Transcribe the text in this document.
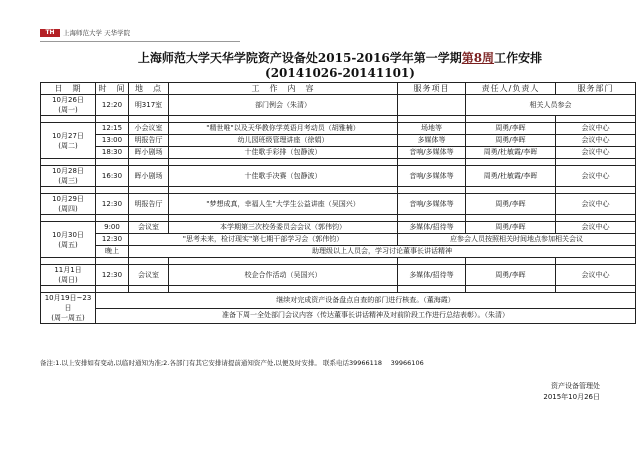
TH	上海师范大学 天华学院
上海师范大学天华学院资产设备处2015-2016学年第一学期第8周工作安排
(20141026-20141101)
日　期	时　间	地　点	工　作　内　容	服务项目	责任人/负责人	服务部门

10月26日
(周一)	12:20	明317室	部门例会（朱清）		相关人员参会	

10月27日
(周二)	12:15	小会议室	"精世唯"以及天华教你学英语月考动员（胡雅楠）	场地等	周勇/李晖	会议中心
	13:00	明报告厅	幼儿园班级管理讲座（徐娟）	多媒体等	周勇/李晖	会议中心
	18:30	晖小剧场	十佳歌手彩排（包静波）	音响/多媒体等	周勇/杜敏霞/李晖	会议中心

10月28日
(周三)	16:30	晖小剧场	十佳歌手决赛（包静波）	音响/多媒体等	周勇/杜敏霞/李晖	会议中心

10月29日
(周四)	12:30	明报告厅	"梦想成真，幸福人生"大学生公益讲座（吴国兴）	音响/多媒体等	周勇/李晖	会议中心

10月30日
(周五)	9:00	会议室	本学期第三次校务委员会会议（郭伟钧）	多媒体/招待等	周勇/李晖	会议中心
	12:30	"思考未来，检讨现实"第七期干部学习会（郭伟钧）		应参会人员按照相关时间地点参加相关会议		
	晚上	助理级以上人员会，学习讨论董事长讲话精神				

11月1日
(周日)	12:30	会议室	校企合作活动（吴国兴）	多媒体/招待等	周勇/李晖	会议中心

10月19日~23日
(周一周五)	继续对完成资产设备盘点自查的部门进行核查。（董海霞）					
	准备下周一全处部门会议内容（传达董事长讲话精神及对前阶段工作进行总结表彰）。（朱清）					
备注:1.以上安排如有变动,以临时通知为准;2.各部门有其它安排请提前通知资产处,以便及时安排。 联系电话39966118　 39966106
资产设备管理处
2015年10月26日
